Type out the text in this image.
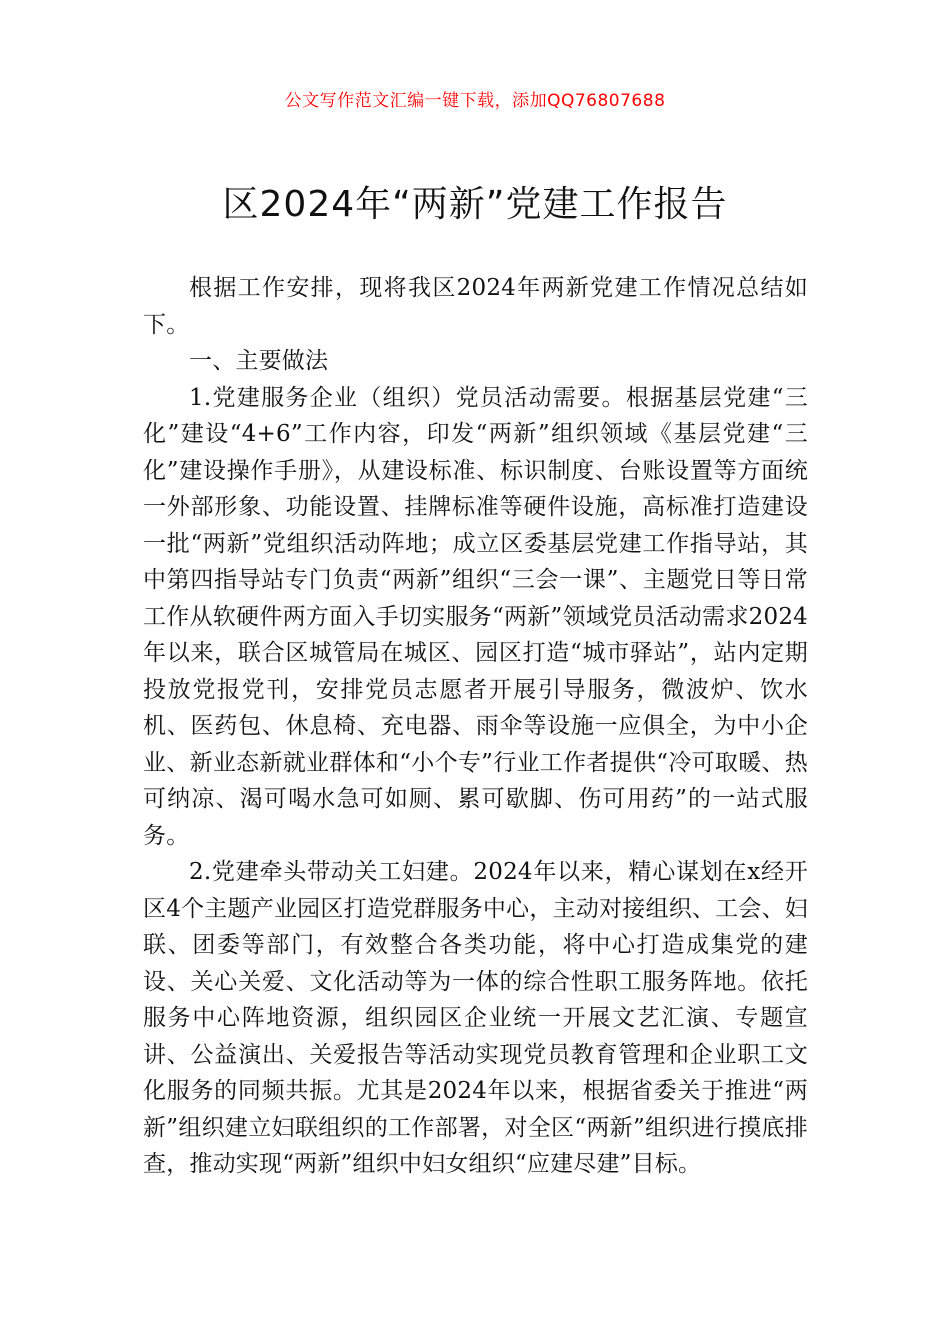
公文写作范文汇编一键下载，添加QQ76807688
区2024年“两新”党建工作报告

根据工作安排，现将我区2024年两新党建工作情况总结如下。

一、主要做法

1.党建服务企业（组织）党员活动需要。根据基层党建“三化”建设“4+6”工作内容，印发“两新”组织领域《基层党建“三化”建设操作手册》，从建设标准、标识制度、台账设置等方面统一外部形象、功能设置、挂牌标准等硬件设施，高标准打造建设一批“两新”党组织活动阵地；成立区委基层党建工作指导站，其中第四指导站专门负责“两新”组织“三会一课”、主题党日等日常工作从软硬件两方面入手切实服务“两新”领域党员活动需求2024年以来，联合区城管局在城区、园区打造“城市驿站”，站内定期投放党报党刊，安排党员志愿者开展引导服务，微波炉、饮水机、医药包、休息椅、充电器、雨伞等设施一应俱全，为中小企业、新业态新就业群体和“小个专”行业工作者提供“冷可取暖、热可纳凉、渴可喝水急可如厕、累可歇脚、伤可用药”的一站式服务。

2.党建牵头带动关工妇建。2024年以来，精心谋划在x经开区4个主题产业园区打造党群服务中心，主动对接组织、工会、妇联、团委等部门，有效整合各类功能，将中心打造成集党的建设、关心关爱、文化活动等为一体的综合性职工服务阵地。依托服务中心阵地资源，组织园区企业统一开展文艺汇演、专题宣讲、公益演出、关爱报告等活动实现党员教育管理和企业职工文化服务的同频共振。尤其是2024年以来，根据省委关于推进“两新”组织建立妇联组织的工作部署，对全区“两新”组织进行摸底排查，推动实现“两新”组织中妇女组织“应建尽建”目标。
